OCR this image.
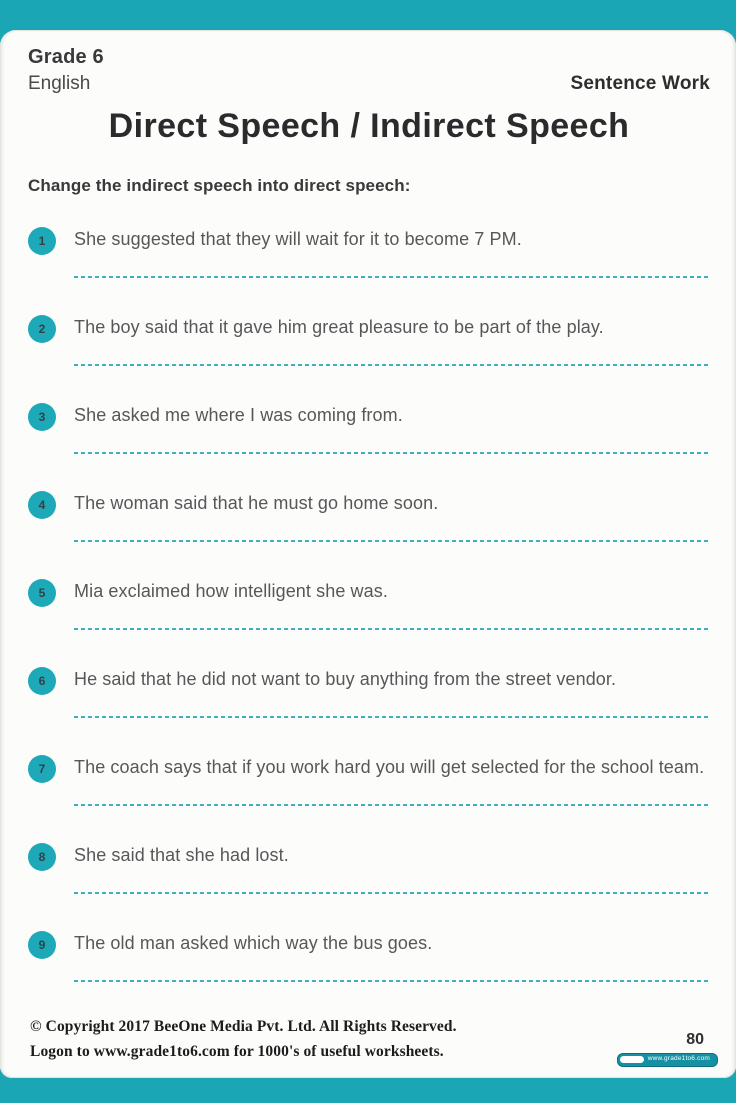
Grade 6
English	Sentence Work
Direct Speech / Indirect Speech
Change the indirect speech into direct speech:
1 She suggested that they will wait for it to become 7 PM.

2 The boy said that it gave him great pleasure to be part of the play.

3 She asked me where I was coming from.

4 The woman said that he must go home soon.

5 Mia exclaimed how intelligent she was.

6 He said that he did not want to buy anything from the street vendor.

7 The coach says that if you work hard you will get selected for the school team.

8 She said that she had lost.

9 The old man asked which way the bus goes.

© Copyright 2017 BeeOne Media Pvt. Ltd. All Rights Reserved.

Logon to www.grade1to6.com for 1000's of useful worksheets.

80
www.grade1to6.com
